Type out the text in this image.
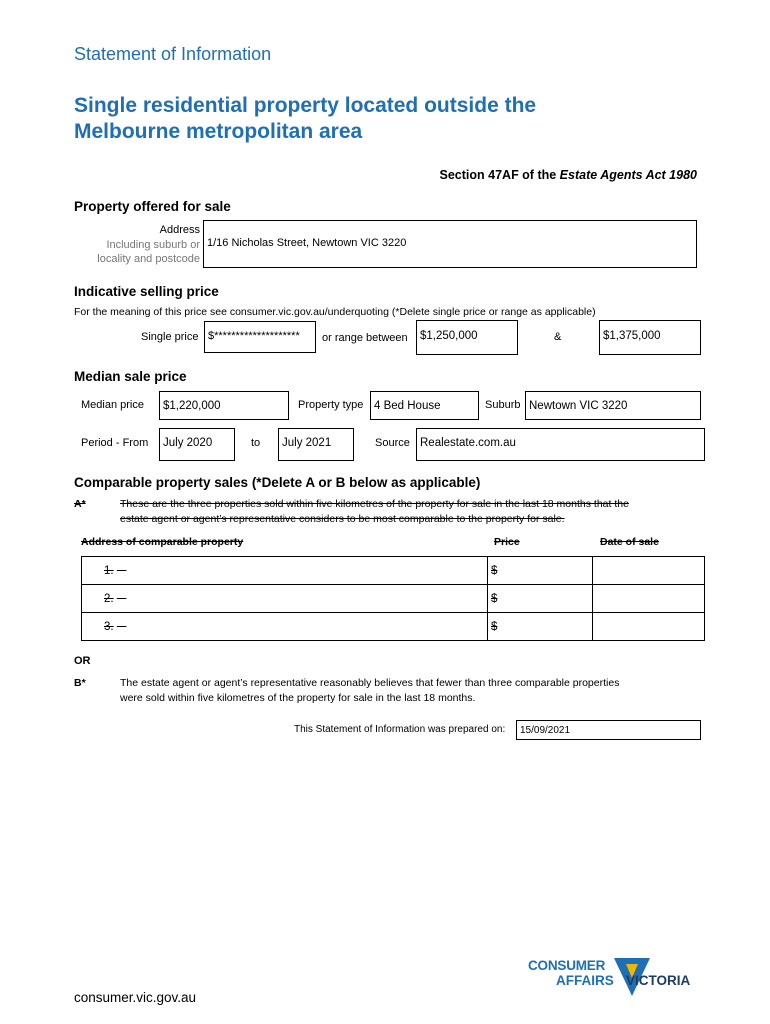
Statement of Information
Single residential property located outside the
Melbourne metropolitan area
Section 47AF of the Estate Agents Act 1980
Property offered for sale
Address
Including suburb or
locality and postcode
1/16 Nicholas Street, Newtown VIC 3220
Indicative selling price
For the meaning of this price see consumer.vic.gov.au/underquoting (*Delete single price or range as applicable)
Single price $********************	or range between	$1,250,000	&	$1,375,000
Median sale price
Median price	$1,220,000	Property type 4 Bed House	Suburb Newtown VIC 3220
Period - From	July 2020	to	July 2021	Source Realestate.com.au
Comparable property sales (*Delete A or B below as applicable)
A*	These are the three properties sold within five kilometres of the property for sale in the last 18 months that the
estate agent or agent’s representative considers to be most comparable to the property for sale.
Address of comparable property	Price	Date of sale
1.	$	
2.	$	
3.	$	
OR
B*	The estate agent or agent’s representative reasonably believes that fewer than three comparable properties
were sold within five kilometres of the property for sale in the last 18 months.
This Statement of Information was prepared on:	15/09/2021
CONSUMER
AFFAIRS VICTORIA
consumer.vic.gov.au
